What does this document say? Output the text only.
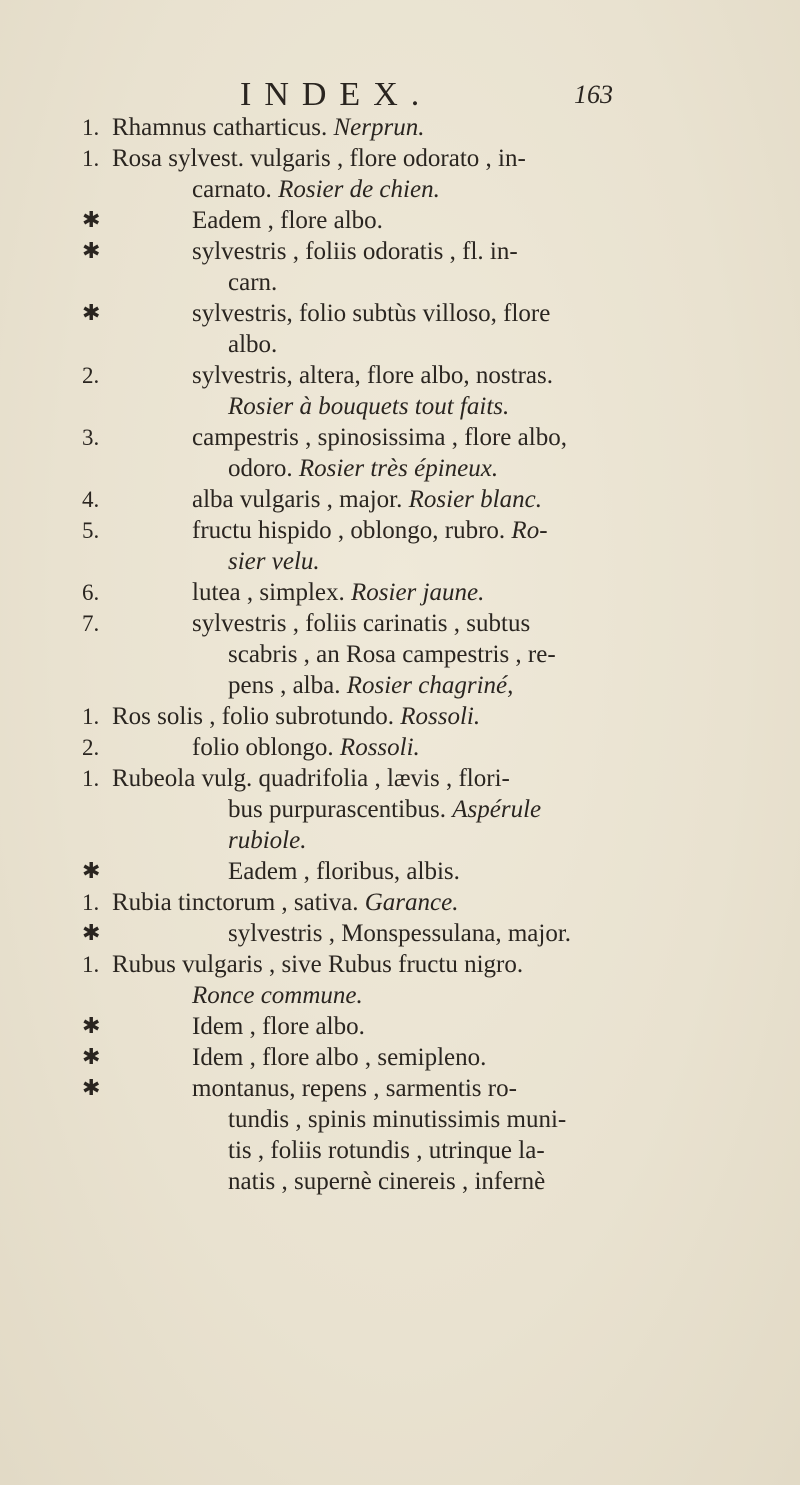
INDEX.	163
1. Rhamnus catharticus. Nerprun.
1. Rosa sylvest. vulgaris , flore odorato , in-
carnato. Rosier de chien.
✱	Eadem , flore albo.
✱	sylvestris , foliis odoratis , fl. in-
carn.
✱	sylvestris, folio subtùs villoso, flore
albo.
2.	sylvestris, altera, flore albo, nostras.
Rosier à bouquets tout faits.
3.	campestris , spinosissima , flore albo,
odoro. Rosier très épineux.
4.	alba vulgaris , major. Rosier blanc.
5.	fructu hispido , oblongo, rubro. Ro-
sier velu.
6.	lutea , simplex. Rosier jaune.
7.	sylvestris , foliis carinatis , subtus
scabris , an Rosa campestris , re-
pens , alba. Rosier chagriné,
1. Ros solis , folio subrotundo. Rossoli.
2.	folio oblongo. Rossoli.
1. Rubeola vulg. quadrifolia , lævis , flori-
bus purpurascentibus. Aspérule
rubiole.
✱	Eadem , floribus, albis.
1. Rubia tinctorum , sativa. Garance.
✱	sylvestris , Monspessulana, major.
1. Rubus vulgaris , sive Rubus fructu nigro.
Ronce commune.
✱	Idem , flore albo.
✱	Idem , flore albo , semipleno.
✱	montanus, repens , sarmentis ro-
tundis , spinis minutissimis muni-
tis , foliis rotundis , utrinque la-
natis , supernè cinereis , infernè
